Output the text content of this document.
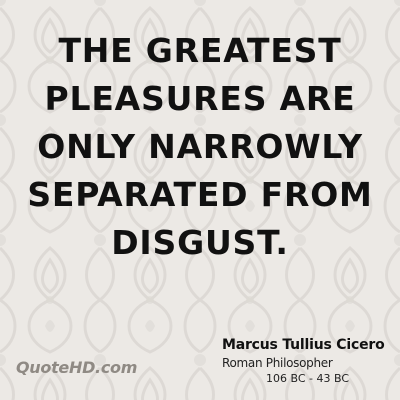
THE GREATEST
PLEASURES ARE
ONLY NARROWLY
SEPARATED FROM
DISGUST.
QuoteHD.com
Marcus Tullius Cicero
Roman Philosopher
106 BC - 43 BC
